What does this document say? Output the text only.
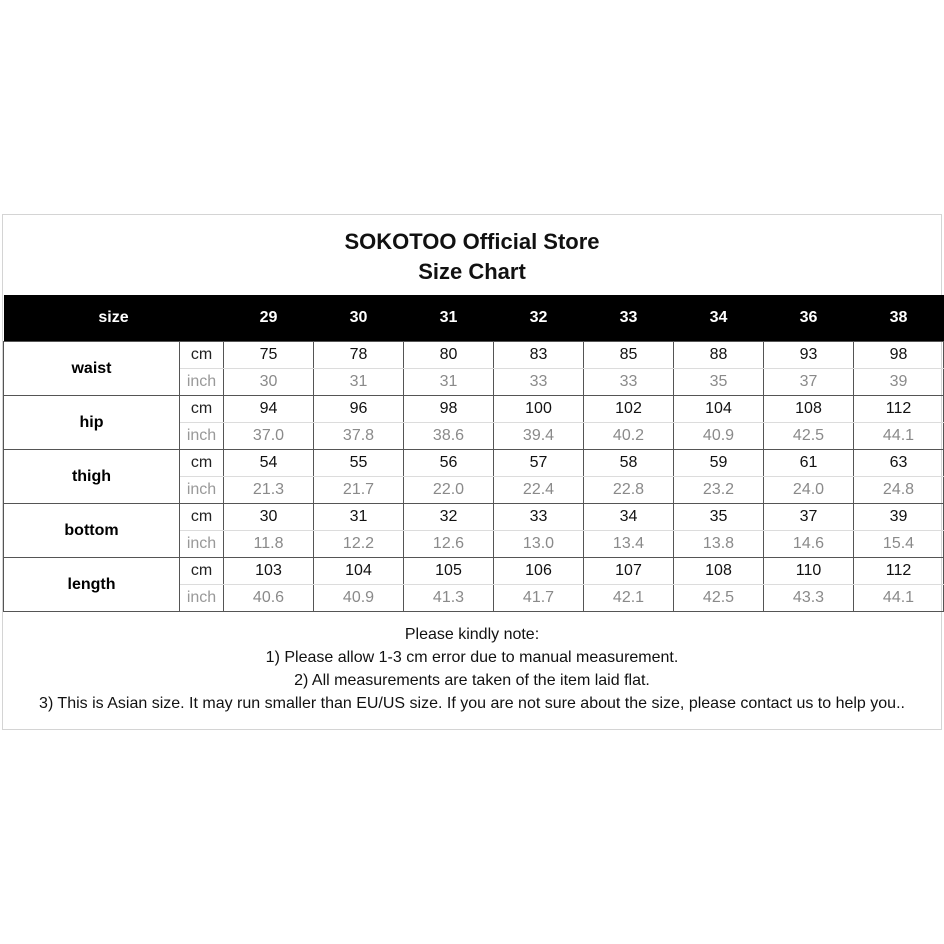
SOKOTOO Official Store
Size Chart
size		29	30	31	32	33	34	36	38
waist	cm	75	78	80	83	85	88	93	98
	inch	30	31	31	33	33	35	37	39
hip	cm	94	96	98	100	102	104	108	112
	inch	37.0	37.8	38.6	39.4	40.2	40.9	42.5	44.1
thigh	cm	54	55	56	57	58	59	61	63
	inch	21.3	21.7	22.0	22.4	22.8	23.2	24.0	24.8
bottom	cm	30	31	32	33	34	35	37	39
	inch	11.8	12.2	12.6	13.0	13.4	13.8	14.6	15.4
length	cm	103	104	105	106	107	108	110	112
	inch	40.6	40.9	41.3	41.7	42.1	42.5	43.3	44.1
Please kindly note:
1) Please allow 1-3 cm error due to manual measurement.
2) All measurements are taken of the item laid flat.
3) This is Asian size. It may run smaller than EU/US size. If you are not sure about the size, please contact us to help you..
